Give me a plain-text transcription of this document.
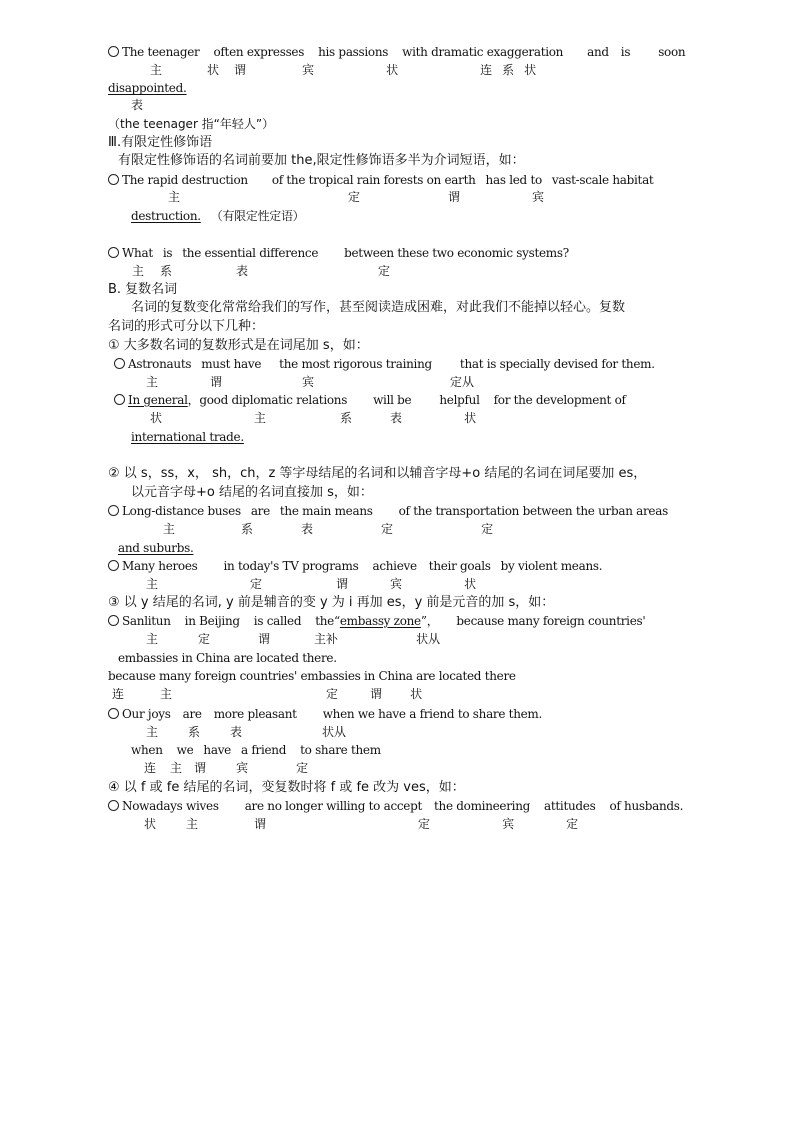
The teenager often expresses his passions with dramatic exaggeration and is soon
主	状 谓	宾	状	连 系 状
disappointed.
表
（the teenager 指“年轻人”）
Ⅲ.有限定性修饰语
有限定性修饰语的名词前要加 the,限定性修饰语多半为介词短语，如：
The rapid destruction of the tropical rain forests on earth has led to vast-scale habitat
主	定	谓	宾
destruction. （有限定性定语）
What is the essential difference between these two economic systems?
主 系	表	定
B. 复数名词
名词的复数变化常常给我们的写作，甚至阅读造成困难，对此我们不能掉以轻心。复数
名词的形式可分以下几种：
① 大多数名词的复数形式是在词尾加 s，如：
Astronauts must have the most rigorous training that is specially devised for them.
主	谓	宾	定从
In general，good diplomatic relations will be helpful for the development of
状	主	系	表	状
international trade.
② 以 s，ss，x， sh，ch，z 等字母结尾的名词和以辅音字母+o 结尾的名词在词尾要加 es，
以元音字母+o 结尾的名词直接加 s，如：
Long-distance buses are the main means of the transportation between the urban areas
主	系	表	定	定
and suburbs.
Many heroes in today's TV programs achieve their goals by violent means.
主	定	谓	宾	状
③ 以 y 结尾的名词, y 前是辅音的变 y 为 i 再加 es，y 前是元音的加 s，如：
Sanlitun in Beijing is called the“embassy zone”， because many foreign countries'
主	定	谓	主补	状从
embassies in China are located there.
because many foreign countries' embassies in China are located there
连	主	定	谓 状
Our joys are more pleasant when we have a friend to share them.
主	系	表	状从
when we have a friend to share them
连 主 谓	宾	定
④ 以 f 或 fe 结尾的名词，变复数时将 f 或 fe 改为 ves，如：
Nowadays wives are no longer willing to accept the domineering attitudes of husbands.
状	主	谓	定	宾	定
